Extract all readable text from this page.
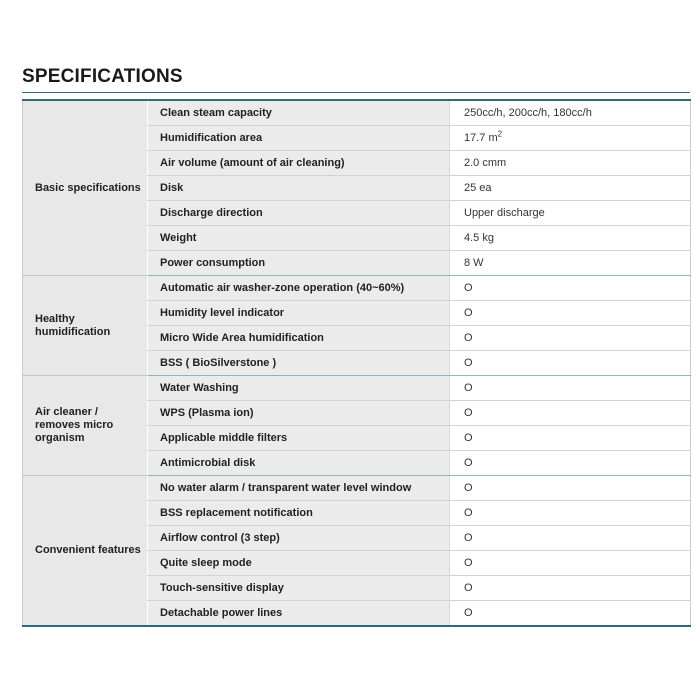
SPECIFICATIONS
Basic specifications	Clean steam capacity	250cc/h, 200cc/h, 180cc/h
	Humidification area	17.7 $m^2$
	Air volume (amount of air cleaning)	2.0 cmm
	Disk	25 ea
	Discharge direction	Upper discharge
	Weight	4.5 kg
	Power consumption	8 W
Healthy humidification	Automatic air washer-zone operation (40~60%)	O
	Humidity level indicator	O
	Micro Wide Area humidification	O
	BSS ( BioSilverstone )	O
Air cleaner / removes micro organism	Water Washing	O
	WPS (Plasma ion)	O
	Applicable middle filters	O
	Antimicrobial disk	O
Convenient features	No water alarm / transparent water level window	O
	BSS replacement notification	O
	Airflow control (3 step)	O
	Quite sleep mode	O
	Touch-sensitive display	O
	Detachable power lines	O
